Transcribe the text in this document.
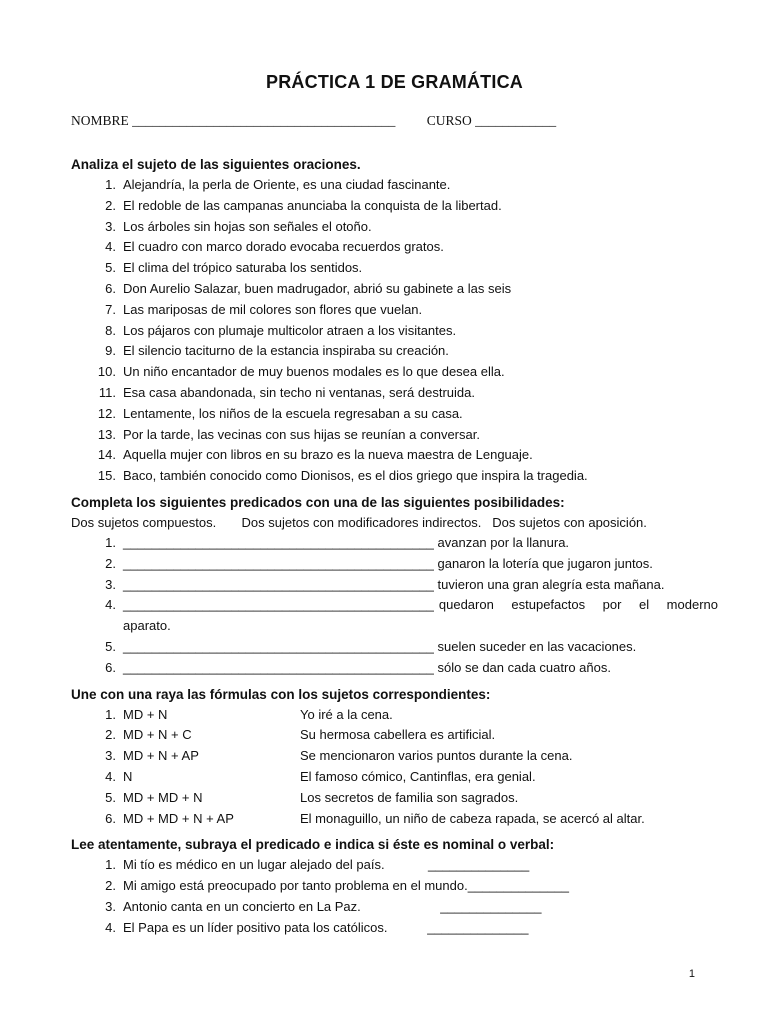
PRÁCTICA 1 DE GRAMÁTICA
NOMBRE _______________________________________ CURSO ____________
Analiza el sujeto de las siguientes oraciones.
1. Alejandría, la perla de Oriente, es una ciudad fascinante.
2. El redoble de las campanas anunciaba la conquista de la libertad.
3. Los árboles sin hojas son señales el otoño.
4. El cuadro con marco dorado evocaba recuerdos gratos.
5. El clima del trópico saturaba los sentidos.
6. Don Aurelio Salazar, buen madrugador, abrió su gabinete a las seis
7. Las mariposas de mil colores son flores que vuelan.
8. Los pájaros con plumaje multicolor atraen a los visitantes.
9. El silencio taciturno de la estancia inspiraba su creación.
10. Un niño encantador de muy buenos modales es lo que desea ella.
11. Esa casa abandonada, sin techo ni ventanas, será destruida.
12. Lentamente, los niños de la escuela regresaban a su casa.
13. Por la tarde, las vecinas con sus hijas se reunían a conversar.
14. Aquella mujer con libros en su brazo es la nueva maestra de Lenguaje.
15. Baco, también conocido como Dionisos, es el dios griego que inspira la tragedia.
Completa los siguientes predicados con una de las siguientes posibilidades:
Dos sujetos compuestos.       Dos sujetos con modificadores indirectos.   Dos sujetos con aposición.
1. ___________________________________________
avanzan por la llanura.
2. ___________________________________________
ganaron la lotería que jugaron juntos.
3. ___________________________________________
tuvieron una gran alegría esta mañana.
4. ___________________________________________ quedaron estupefactos por el moderno
aparato.
5. ___________________________________________
suelen suceder en las vacaciones.
6. ___________________________________________
sólo se dan cada cuatro años.
Une con una raya las fórmulas con los sujetos correspondientes:
1. MD + N	Yo iré a la cena.
2. MD + N + C	Su hermosa cabellera es artificial.
3. MD + N + AP	Se mencionaron varios puntos durante la cena.
4. N	El famoso cómico, Cantinflas, era genial.
5. MD + MD + N	Los secretos de familia son sagrados.
6. MD + MD + N + AP	El monaguillo, un niño de cabeza rapada, se acercó al altar.
Lee atentamente, subraya el predicado e indica si éste es nominal o verbal:
1. Mi tío es médico en un lugar alejado del país.
	______________
2. Mi amigo está preocupado por tanto problema en el mundo. ______________
3. Antonio canta en un concierto en La Paz.
	______________
4. El Papa es un líder positivo pata los católicos.
	______________
1
